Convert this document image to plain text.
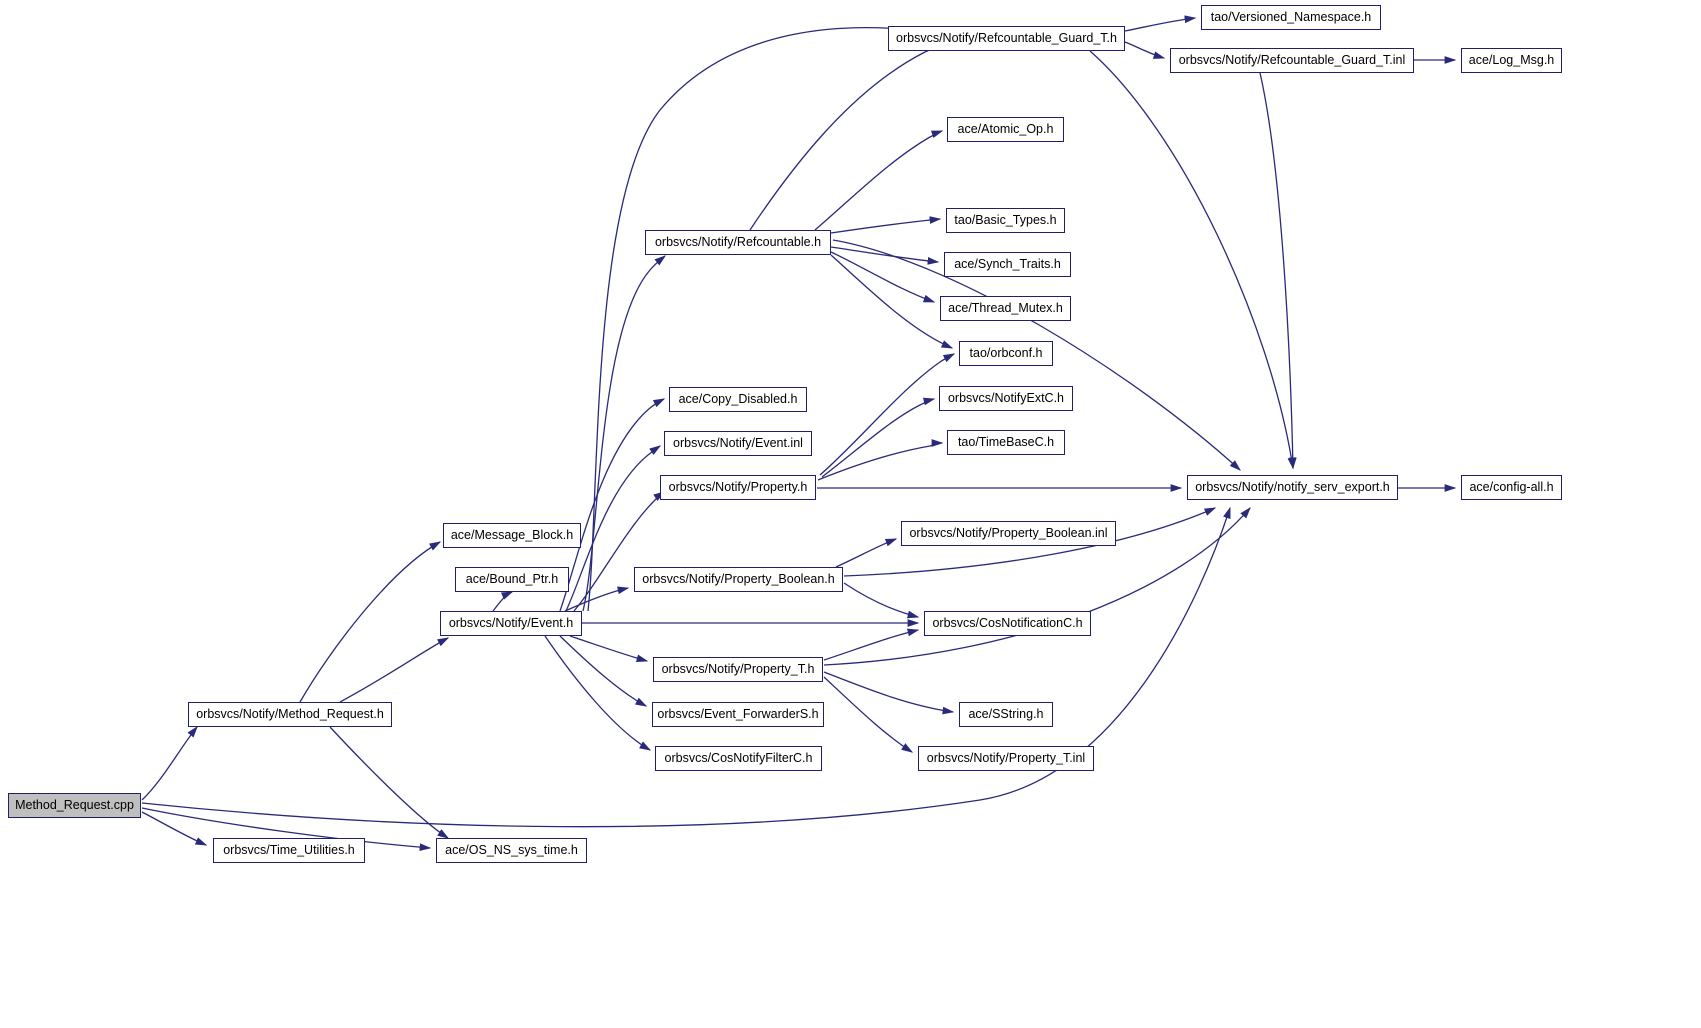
Method_Request.cpp
orbsvcs/Notify/Method_Request.h
orbsvcs/Time_Utilities.h	ace/OS_NS_sys_time.h
orbsvcs/Notify/Event.h
ace/Message_Block.h
ace/Bound_Ptr.h
ace/Copy_Disabled.h
orbsvcs/Notify/Event.inl
orbsvcs/Notify/Property.h
orbsvcs/Notify/Property_Boolean.h
orbsvcs/Notify/Property_Boolean.inl
orbsvcs/CosNotificationC.h
orbsvcs/Notify/Property_T.h
orbsvcs/Event_ForwarderS.h
orbsvcs/CosNotifyFilterC.h
ace/SString.h
orbsvcs/Notify/Property_T.inl
orbsvcs/Notify/Refcountable.h
orbsvcs/Notify/Refcountable_Guard_T.h
tao/Versioned_Namespace.h
orbsvcs/Notify/Refcountable_Guard_T.inl	ace/Log_Msg.h
ace/Atomic_Op.h
tao/Basic_Types.h
ace/Synch_Traits.h
ace/Thread_Mutex.h
tao/orbconf.h
orbsvcs/NotifyExtC.h
tao/TimeBaseC.h
orbsvcs/Notify/notify_serv_export.h	ace/config-all.h
